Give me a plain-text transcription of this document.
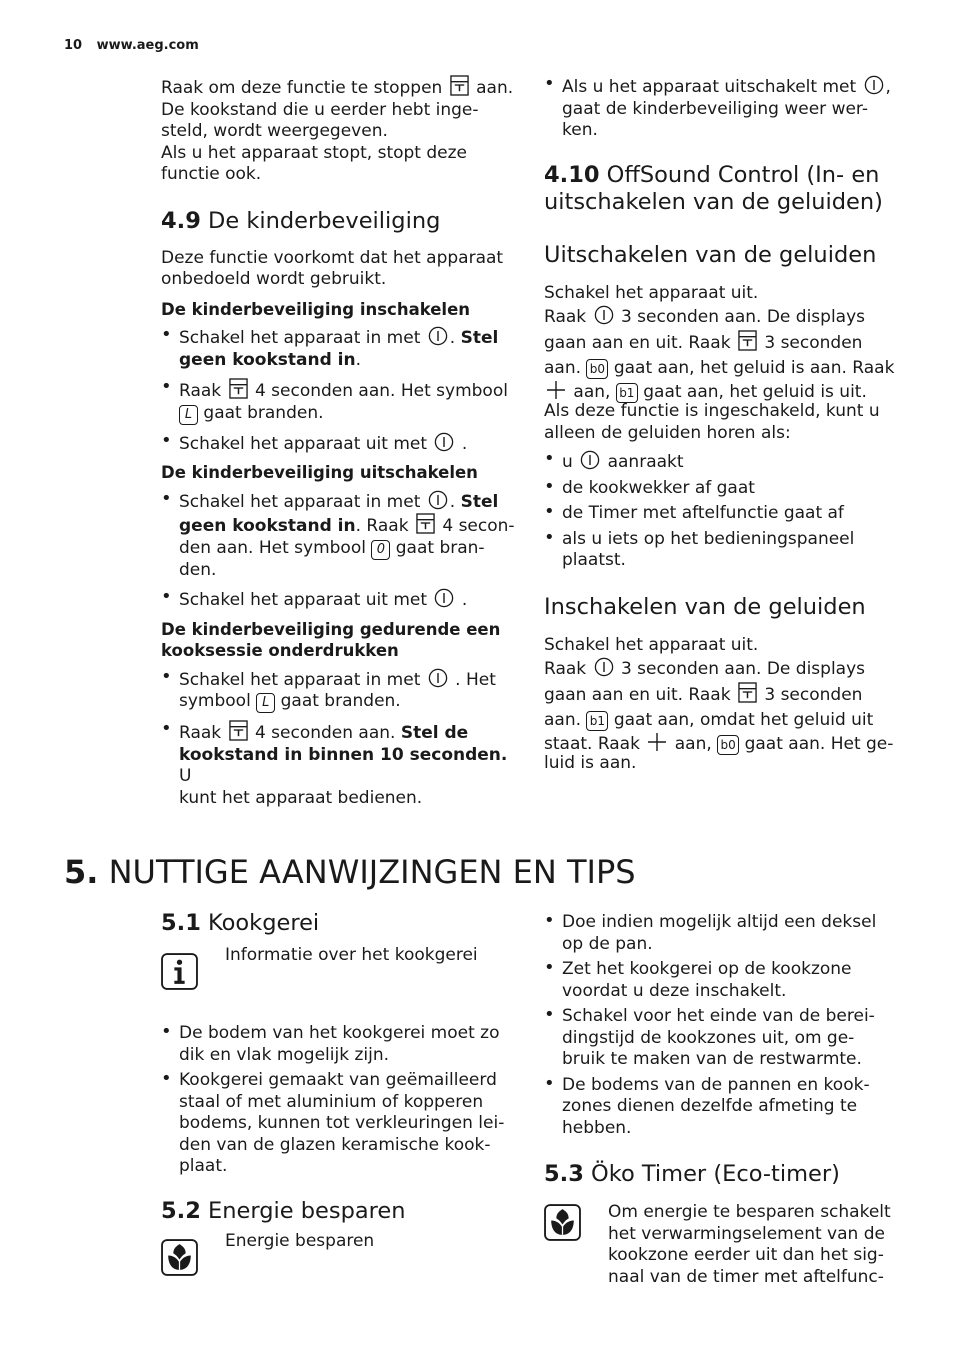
10 www.aeg.com

Raak om deze functie te stoppen aan.
De kookstand die u eerder hebt inge-
steld, wordt weergegeven.
Als u het apparaat stopt, stopt deze
functie ook.

4.9 De kinderbeveiliging

Deze functie voorkomt dat het apparaat
onbedoeld wordt gebruikt.

De kinderbeveiliging inschakelen

• Schakel het apparaat in met . Stel
geen kookstand in.
• Raak 4 seconden aan. Het symbool
L gaat branden.
• Schakel het apparaat uit met .

De kinderbeveiliging uitschakelen

• Schakel het apparaat in met . Stel
geen kookstand in. Raak 4 secon-
den aan. Het symbool 0 gaat bran-
den.
• Schakel het apparaat uit met .

De kinderbeveiliging gedurende een
kooksessie onderdrukken

• Schakel het apparaat in met . Het
symbool L gaat branden.
• Raak 4 seconden aan. Stel de
kookstand in binnen 10 seconden. U
kunt het apparaat bedienen.
• Als u het apparaat uitschakelt met ,
gaat de kinderbeveiliging weer wer-
ken.
4.10 OffSound Control (In- en
uitschakelen van de geluiden)
Uitschakelen van de geluiden

Schakel het apparaat uit.
Raak 3 seconden aan. De displays
gaan aan en uit. Raak 3 seconden
aan. b0 gaat aan, het geluid is aan. Raak
aan, b1 gaat aan, het geluid is uit.

Als deze functie is ingeschakeld, kunt u
alleen de geluiden horen als:

• u aanraakt
• de kookwekker af gaat
• de Timer met aftelfunctie gaat af
• als u iets op het bedieningspaneel
plaatst.
Inschakelen van de geluiden

Schakel het apparaat uit.
Raak 3 seconden aan. De displays
gaan aan en uit. Raak 3 seconden
aan. b1 gaat aan, omdat het geluid uit
staat. Raak aan, b0 gaat aan. Het ge-

luid is aan.

5. NUTTIGE AANWIJZINGEN EN TIPS
5.1 Kookgerei
Informatie over het kookgerei
• De bodem van het kookgerei moet zo
dik en vlak mogelijk zijn.
• Kookgerei gemaakt van geëmailleerd
staal of met aluminium of kopperen
bodems, kunnen tot verkleuringen lei-
den van de glazen keramische kook-
plaat.
5.2 Energie besparen
Energie besparen
• Doe indien mogelijk altijd een deksel
op de pan.
• Zet het kookgerei op de kookzone
voordat u deze inschakelt.
• Schakel voor het einde van de berei-
dingstijd de kookzones uit, om ge-
bruik te maken van de restwarmte.
• De bodems van de pannen en kook-
zones dienen dezelfde afmeting te
hebben.
5.3 Öko Timer (Eco-timer)

Om energie te besparen schakelt
het verwarmingselement van de
kookzone eerder uit dan het sig-
naal van de timer met aftelfunc-
